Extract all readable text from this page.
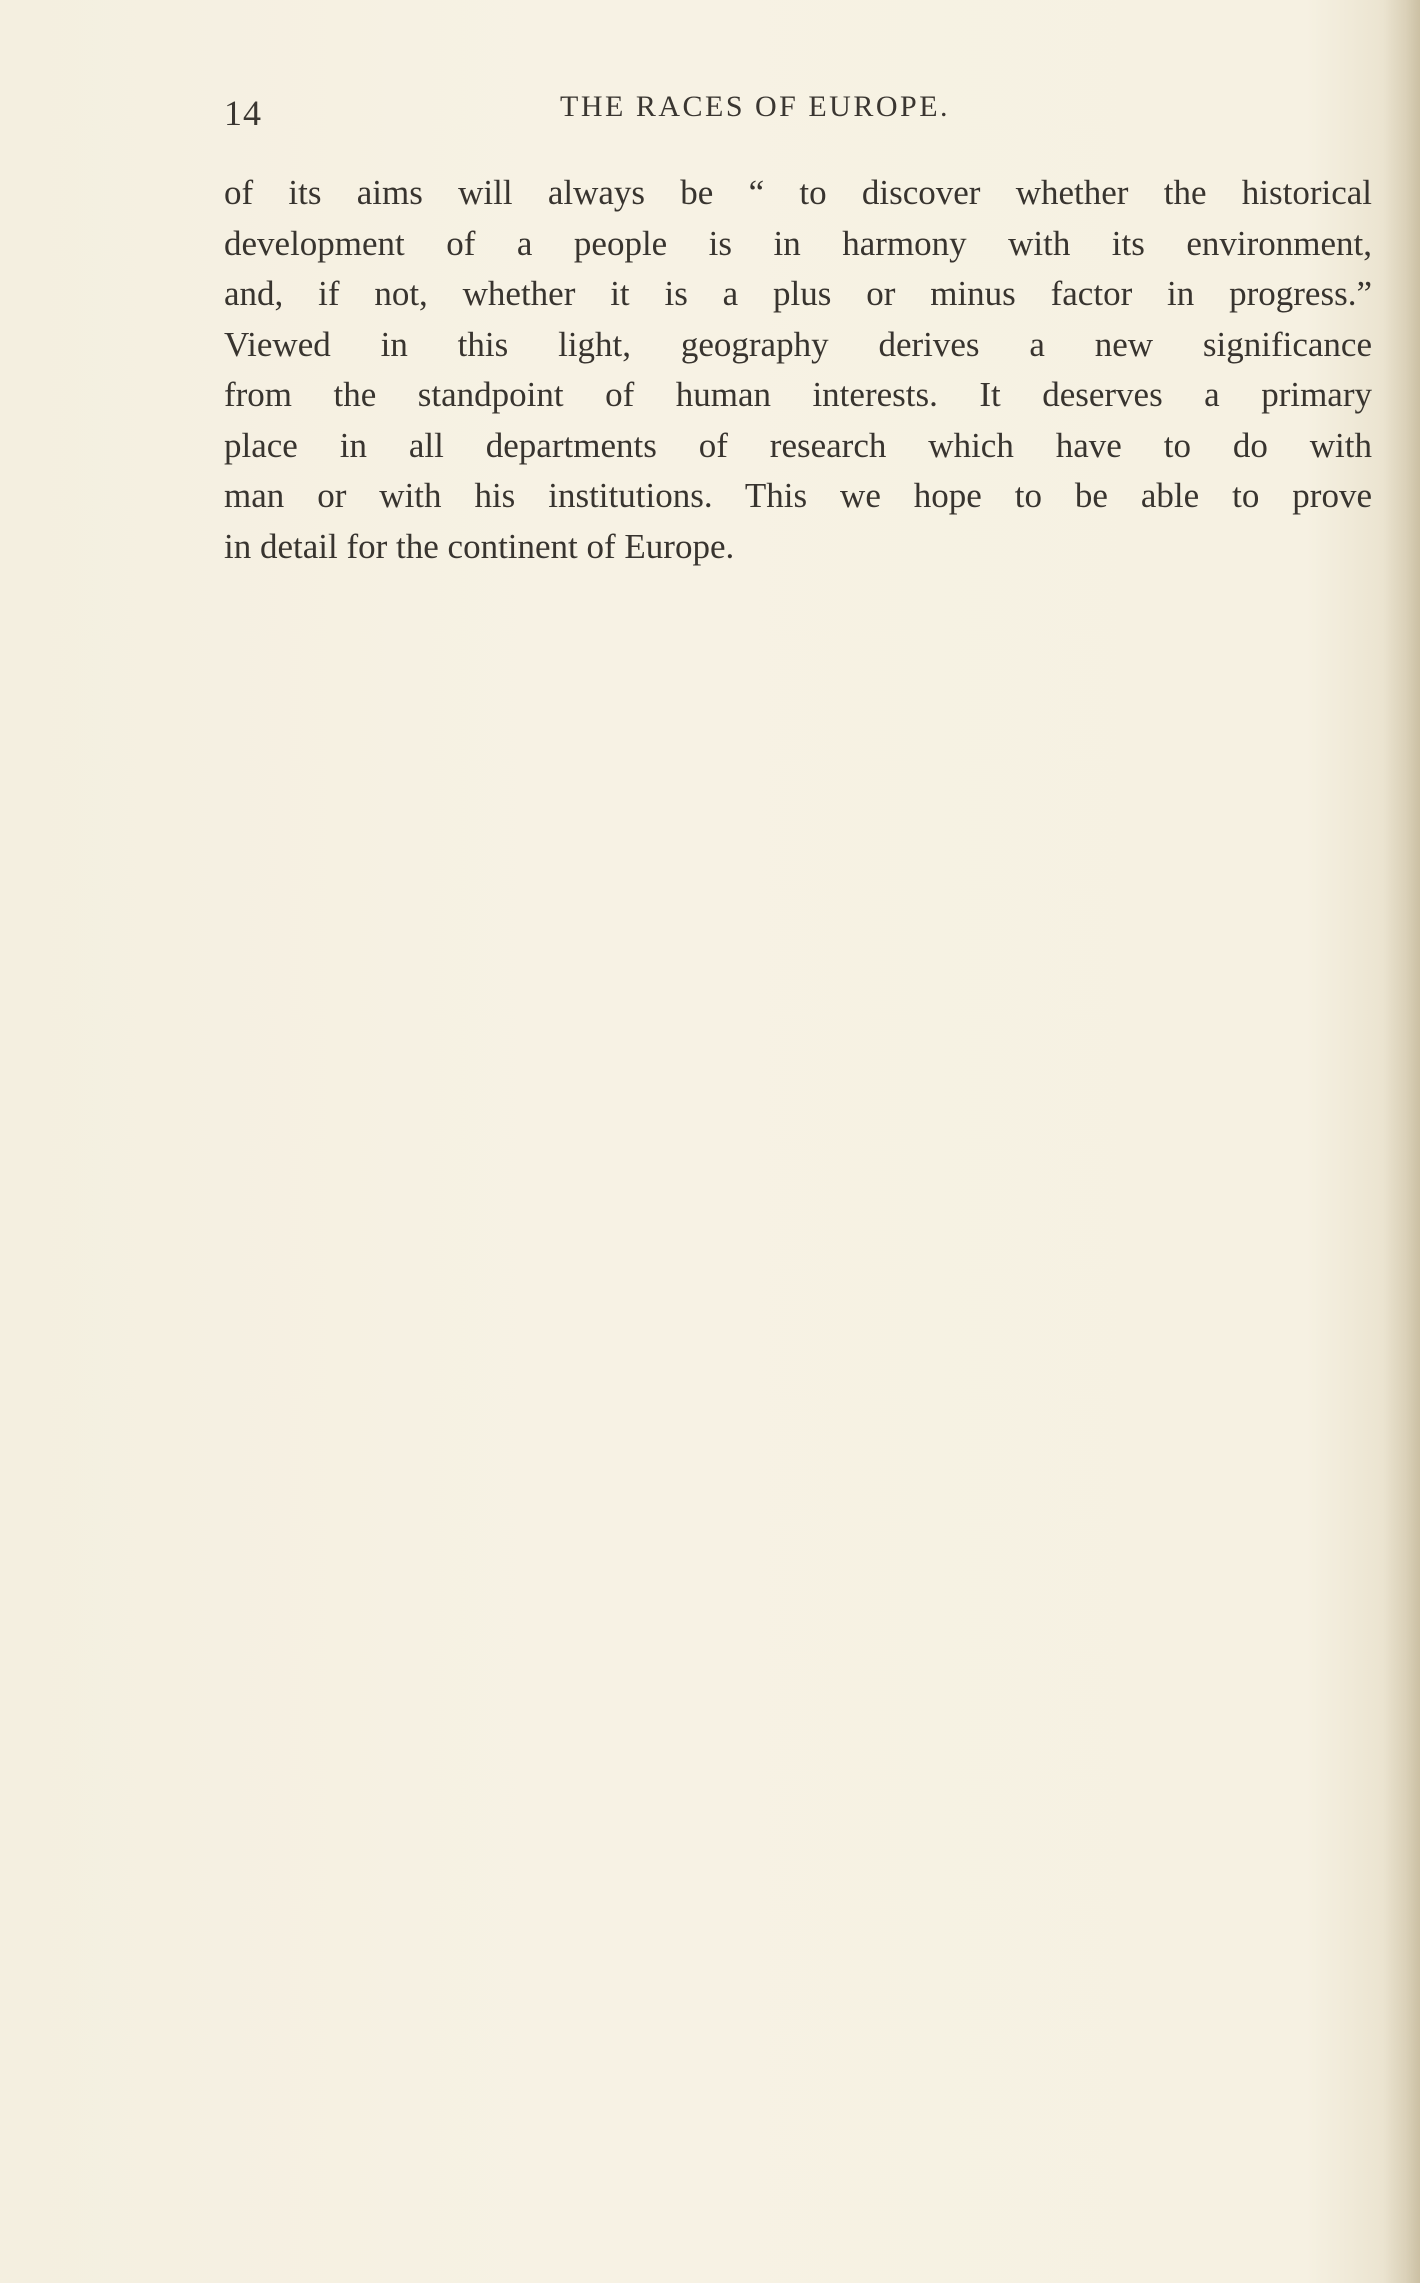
14	THE RACES OF EUROPE.
of its aims will always be “ to discover whether the historical
development of a people is in harmony with its environment,
and, if not, whether it is a plus or minus factor in progress.”
Viewed in this light, geography derives a new significance
from the standpoint of human interests. It deserves a primary
place in all departments of research which have to do with
man or with his institutions. This we hope to be able to prove
in detail for the continent of Europe.
